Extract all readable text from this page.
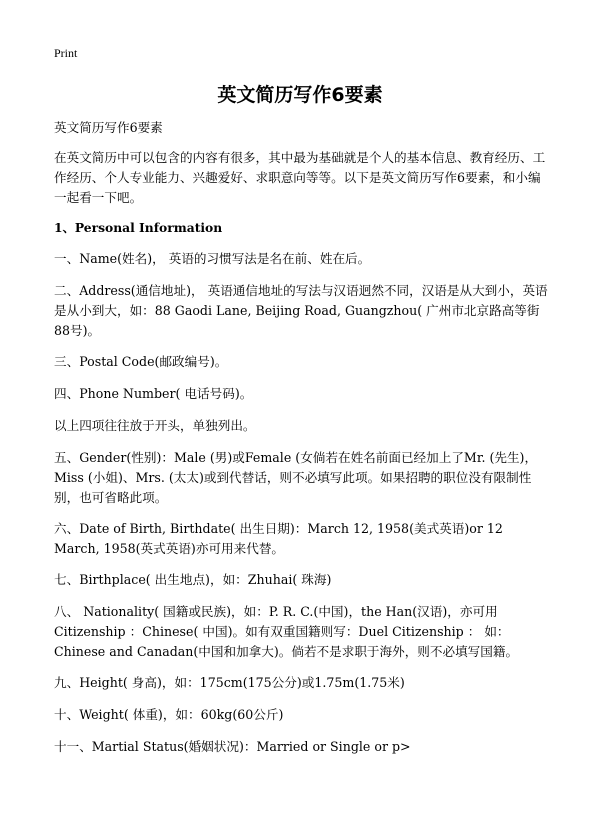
Print
英文简历写作6要素

英文简历写作6要素

在英文简历中可以包含的内容有很多，其中最为基础就是个人的基本信息、教育经历、工作经历、个人专业能力、兴趣爱好、求职意向等等。以下是英文简历写作6要素，和小编一起看一下吧。

1、Personal Information

一、Name(姓名)， 英语的习惯写法是名在前、姓在后。

二、Address(通信地址)， 英语通信地址的写法与汉语迥然不同，汉语是从大到小，英语是从小到大，如：88 Gaodi Lane, Beijing Road, Guangzhou( 广州市北京路高等街88号)。

三、Postal Code(邮政编号)。

四、Phone Number( 电话号码)。

以上四项往往放于开头，单独列出。

五、Gender(性别)：Male (男)或Female (女倘若在姓名前面已经加上了Mr. (先生)，Miss (小姐)、Mrs. (太太)或到代替话，则不必填写此项。如果招聘的职位没有限制性别，也可省略此项。

六、Date of Birth, Birthdate( 出生日期)：March 12, 1958(美式英语)or 12 March, 1958(英式英语)亦可用来代替。

七、Birthplace( 出生地点)，如：Zhuhai( 珠海)

八、 Nationality( 国籍或民族)，如：P. R. C.(中国)，the Han(汉语)，亦可用Citizenship ：Chinese( 中国)。如有双重国籍则写：Duel Citizenship ： 如：Chinese and Canadan(中国和加拿大)。倘若不是求职于海外，则不必填写国籍。

九、Height( 身高)，如：175cm(175公分)或1.75m(1.75米)

十、Weight( 体重)，如：60kg(60公斤)

十一、Martial Status(婚姻状况)：Married or Single or p>
